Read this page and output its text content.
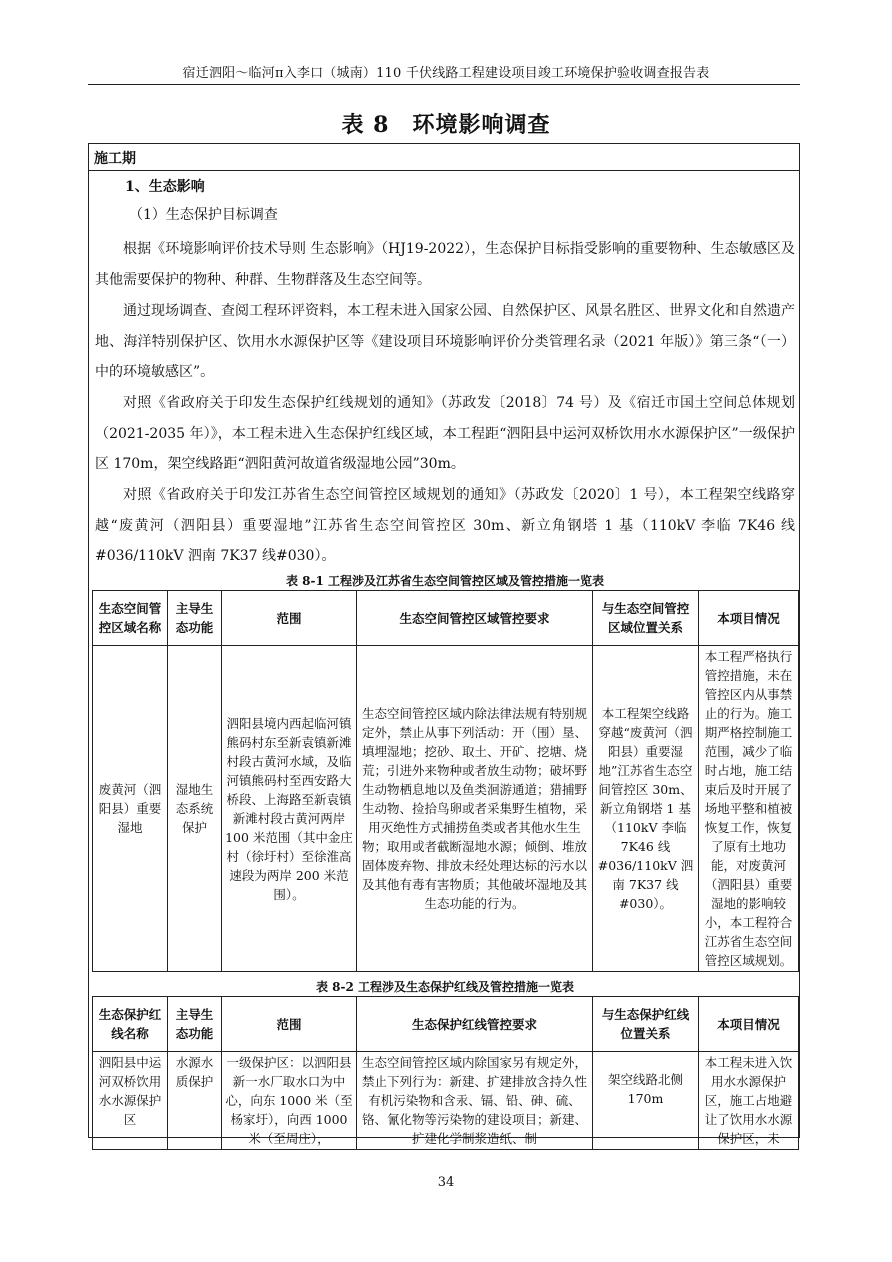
宿迁泗阳～临河π入李口（城南）110 千伏线路工程建设项目竣工环境保护验收调查报告表
表 8　环境影响调查
施工期
1、生态影响
（1）生态保护目标调查
根据《环境影响评价技术导则 生态影响》（HJ19-2022），生态保护目标指受影响的重要物种、生态敏感区及其他需要保护的物种、种群、生物群落及生态空间等。
通过现场调查、查阅工程环评资料，本工程未进入国家公园、自然保护区、风景名胜区、世界文化和自然遗产地、海洋特别保护区、饮用水水源保护区等《建设项目环境影响评价分类管理名录（2021 年版）》第三条“（一）中的环境敏感区”。
对照《省政府关于印发生态保护红线规划的通知》（苏政发〔2018〕74 号）及《宿迁市国土空间总体规划（2021-2035 年）》，本工程未进入生态保护红线区域，本工程距“泗阳县中运河双桥饮用水水源保护区”一级保护区 170m，架空线路距“泗阳黄河故道省级湿地公园”30m。
对照《省政府关于印发江苏省生态空间管控区域规划的通知》（苏政发〔2020〕1 号），本工程架空线路穿越“废黄河（泗阳县）重要湿地”江苏省生态空间管控区 30m、新立角钢塔 1 基（110kV 李临 7K46 线#036/110kV 泗南 7K37 线#030）。
表 8-1 工程涉及江苏省生态空间管控区域及管控措施一览表
生态空间管控区域名称	主导生态功能	范围	生态空间管控区域管控要求	与生态空间管控区域位置关系	本项目情况
废黄河（泗阳县）重要湿地	湿地生态系统保护	泗阳县境内西起临河镇熊码村东至新袁镇新滩村段古黄河水域，及临河镇熊码村至西安路大桥段、上海路至新袁镇新滩村段古黄河两岸 100 米范围（其中金庄村（徐圩村）至徐淮高速段为两岸 200 米范围）。	生态空间管控区域内除法律法规有特别规定外，禁止从事下列活动：开（围）垦、填埋湿地；挖砂、取土、开矿、挖塘、烧荒；引进外来物种或者放生动物；破坏野生动物栖息地以及鱼类洄游通道；猎捕野生动物、捡拾鸟卵或者采集野生植物，采用灭绝性方式捕捞鱼类或者其他水生生物；取用或者截断湿地水源；倾倒、堆放固体废弃物、排放未经处理达标的污水以及其他有毒有害物质；其他破坏湿地及其生态功能的行为。	本工程架空线路穿越“废黄河（泗阳县）重要湿地”江苏省生态空间管控区 30m、新立角钢塔 1 基（110kV 李临 7K46 线#036/110kV 泗南 7K37 线#030）。	本工程严格执行管控措施，未在管控区内从事禁止的行为。施工期严格控制施工范围，减少了临时占地，施工结束后及时开展了场地平整和植被恢复工作，恢复了原有土地功能，对废黄河（泗阳县）重要湿地的影响较小，本工程符合江苏省生态空间管控区域规划。
表 8-2 工程涉及生态保护红线及管控措施一览表
生态保护红线名称	主导生态功能	范围	生态保护红线管控要求	与生态保护红线位置关系	本项目情况
泗阳县中运河双桥饮用水水源保护区	水源水质保护	一级保护区：以泗阳县新一水厂取水口为中心，向东 1000 米（至杨家圩），向西 1000 米（至周庄），	生态空间管控区域内除国家另有规定外，禁止下列行为：新建、扩建排放含持久性有机污染物和含汞、镉、铅、砷、硫、铬、氰化物等污染物的建设项目；新建、扩建化学制浆造纸、制	架空线路北侧 170m	本工程未进入饮用水水源保护区，施工占地避让了饮用水水源保护区，未
34
